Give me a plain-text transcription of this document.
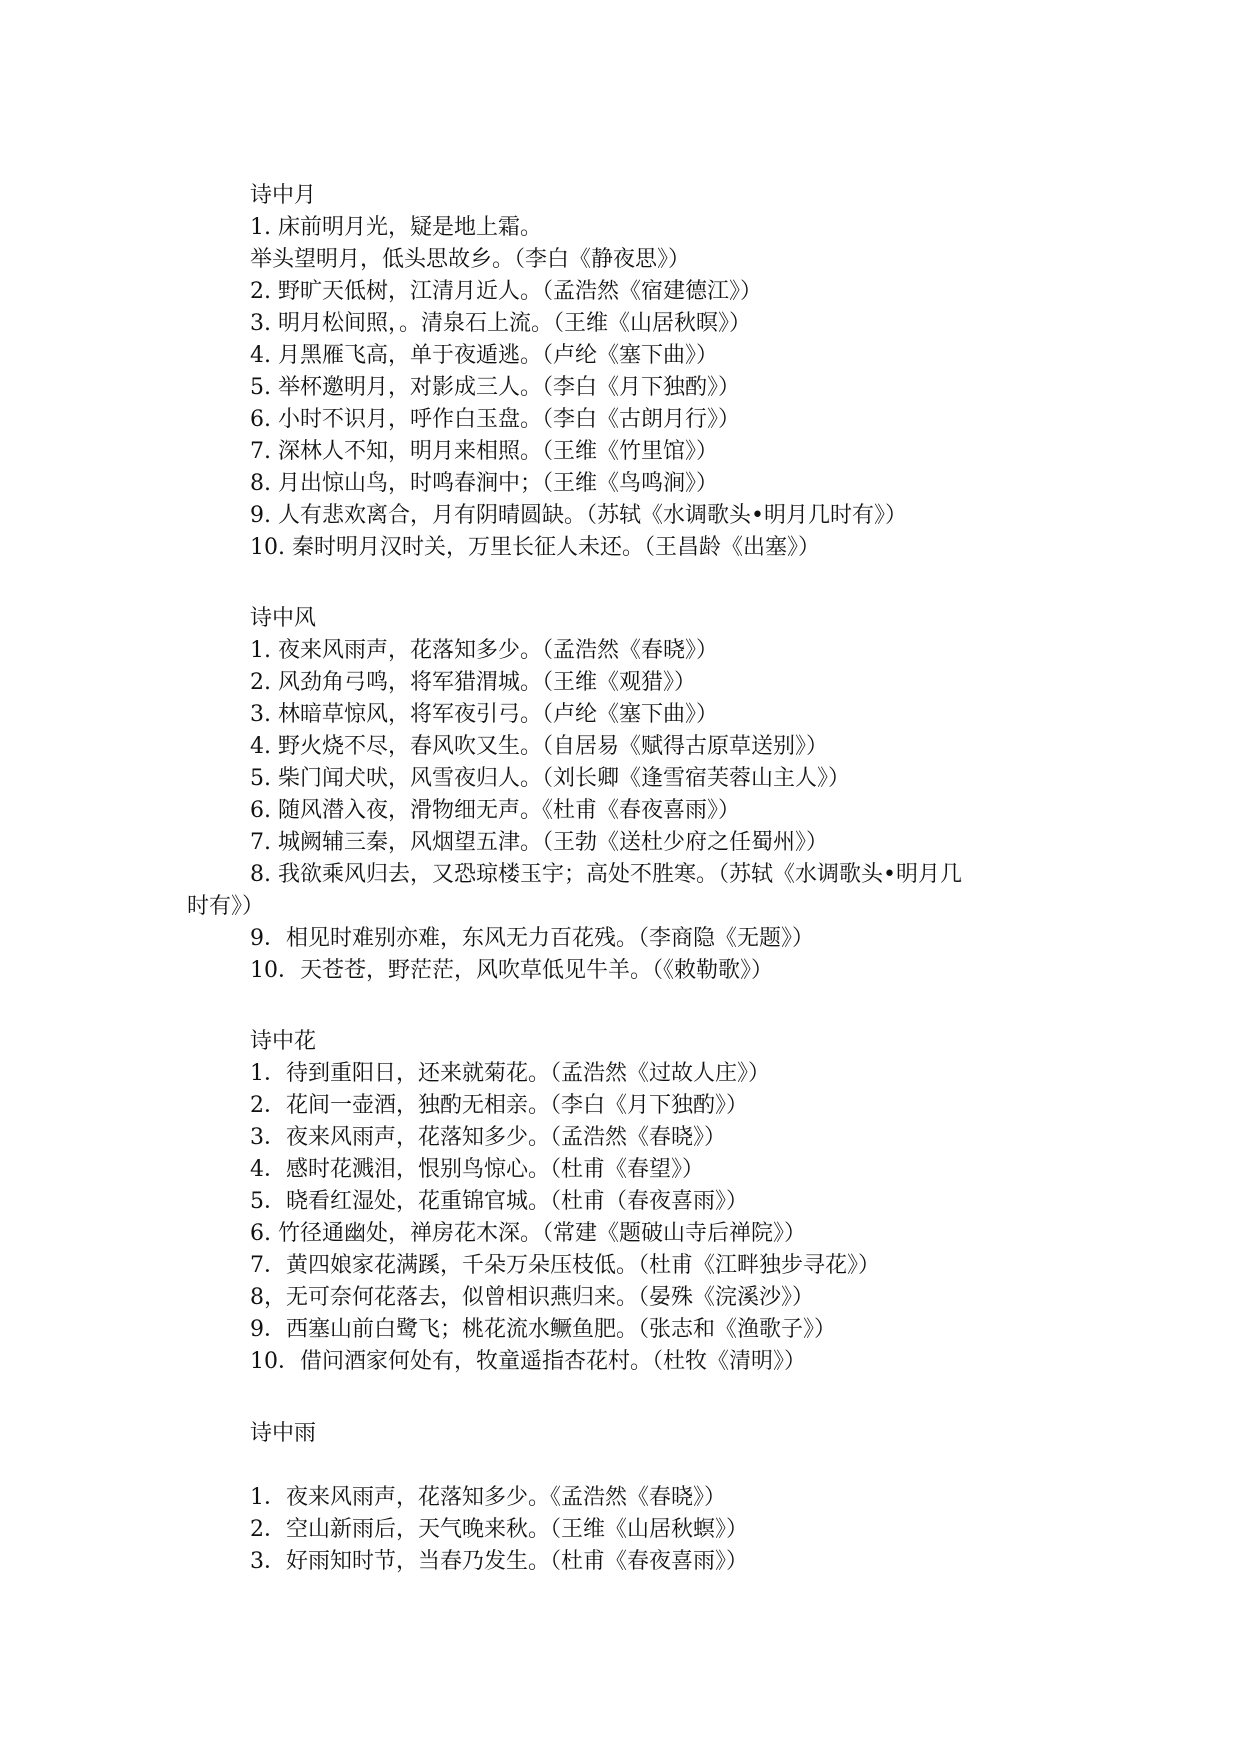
诗中月
1. 床前明月光，疑是地上霜。
举头望明月，低头思故乡。（李白《静夜思》）
2. 野旷天低树，江清月近人。（孟浩然《宿建德江》）
3. 明月松间照，。清泉石上流。（王维《山居秋暝》）
4. 月黑雁飞高，单于夜遁逃。（卢纶《塞下曲》）
5. 举杯邀明月，对影成三人。（李白《月下独酌》）
6. 小时不识月，呼作白玉盘。（李白《古朗月行》）
7. 深林人不知，明月来相照。（王维《竹里馆》）
8. 月出惊山鸟，时鸣春涧中；（王维《鸟鸣涧》）
9. 人有悲欢离合，月有阴晴圆缺。（苏轼《水调歌头•明月几时有》）
10. 秦时明月汉时关，万里长征人未还。（王昌龄《出塞》）
诗中风
1. 夜来风雨声，花落知多少。（孟浩然《春晓》）
2. 风劲角弓鸣，将军猎渭城。（王维《观猎》）
3. 林暗草惊风，将军夜引弓。（卢纶《塞下曲》）
4. 野火烧不尽，春风吹又生。（自居易《赋得古原草送别》）
5. 柴门闻犬吠，风雪夜归人。（刘长卿《逢雪宿芙蓉山主人》）
6. 随风潜入夜，滑物细无声。《杜甫《春夜喜雨》）
7. 城阙辅三秦，风烟望五津。（王勃《送杜少府之任蜀州》）
8. 我欲乘风归去，又恐琼楼玉宇；高处不胜寒。（苏轼《水调歌头•明月几
时有》）
9．相见时难别亦难，东风无力百花残。（李商隐《无题》）
10．天苍苍，野茫茫，风吹草低见牛羊。（《敕勒歌》）
诗中花
1．待到重阳日，还来就菊花。（孟浩然《过故人庄》）
2．花间一壶酒，独酌无相亲。（李白《月下独酌》）
3．夜来风雨声，花落知多少。（孟浩然《春晓》）
4．感时花溅泪，恨别鸟惊心。（杜甫《春望》）
5．晓看红湿处，花重锦官城。（杜甫（春夜喜雨》）
6. 竹径通幽处，禅房花木深。（常建《题破山寺后禅院》）
7．黄四娘家花满蹊，千朵万朵压枝低。（杜甫《江畔独步寻花》）
8，无可奈何花落去，似曾相识燕归来。（晏殊《浣溪沙》）
9．西塞山前白鹭飞；桃花流水鳜鱼肥。（张志和《渔歌子》）
10．借问酒家何处有，牧童遥指杏花村。（杜牧《清明》）
诗中雨
1．夜来风雨声，花落知多少。《孟浩然《春晓》）
2．空山新雨后，天气晚来秋。（王维《山居秋螟》）
3．好雨知时节，当春乃发生。（杜甫《春夜喜雨》）
